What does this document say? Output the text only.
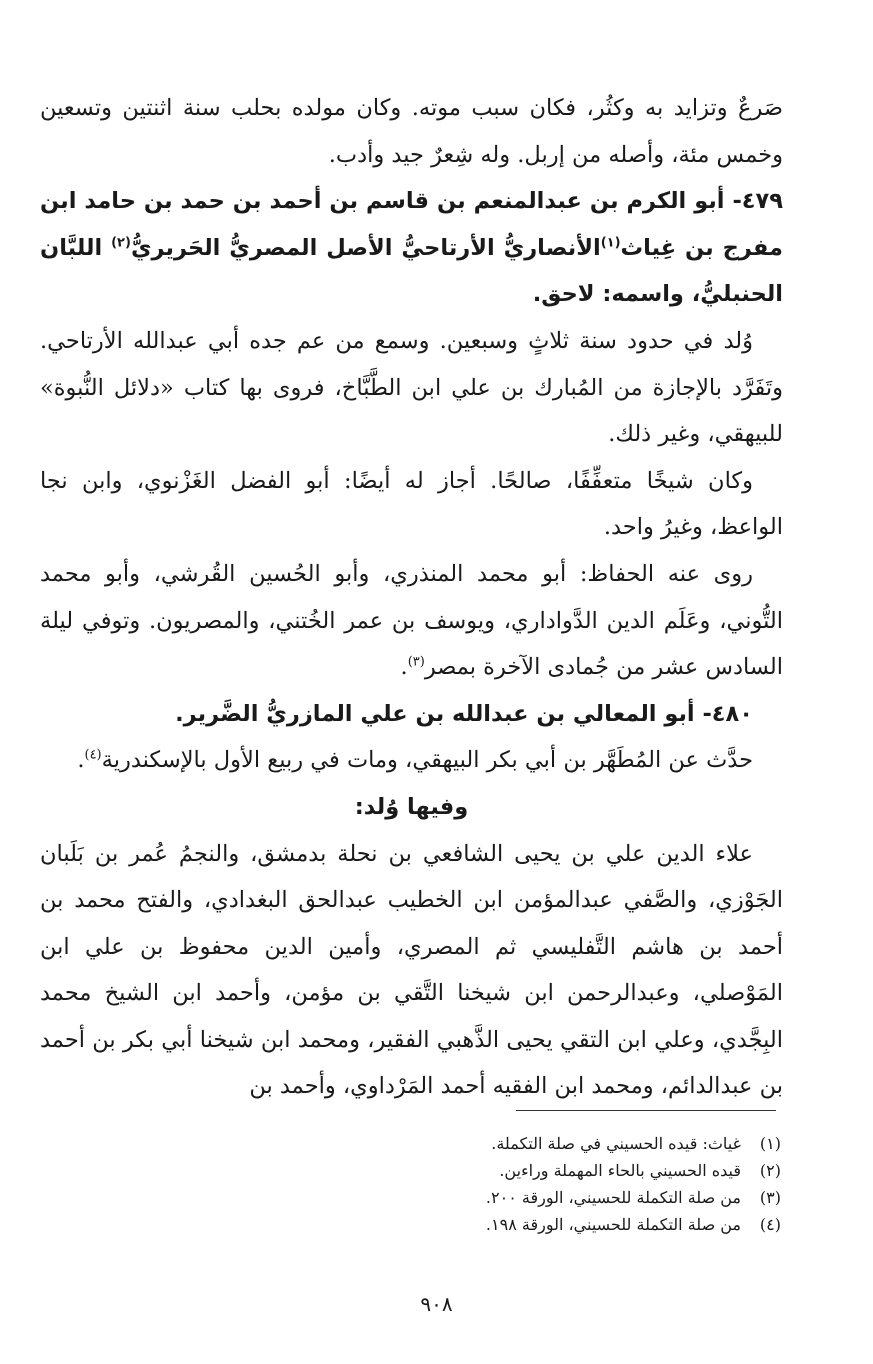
صَرعٌ وتزايد به وكثُر، فكان سبب موته. وكان مولده بحلب سنة اثنتين وتسعين وخمس مئة، وأصله من إربل. وله شِعرٌ جيد وأدب.

٤٧٩- أبو الكرم بن عبدالمنعم بن قاسم بن أحمد بن حمد بن حامد ابن مفرج بن غِياث$^{(١)}$الأنصاريُّ الأرتاحيُّ الأصل المصريُّ الحَريريُّ$^{(٢)}$ اللبَّان الحنبليُّ، واسمه: لاحق.

وُلد في حدود سنة ثلاثٍ وسبعين. وسمع من عم جده أبي عبدالله الأرتاحي. وتَفَرَّد بالإجازة من المُبارك بن علي ابن الطَّبَّاخ، فروى بها كتاب «دلائل النُّبوة» للبيهقي، وغير ذلك.

وكان شيخًا متعفِّفًا، صالحًا. أجاز له أيضًا: أبو الفضل الغَزْنوي، وابن نجا الواعظ، وغيرُ واحد.

روى عنه الحفاظ: أبو محمد المنذري، وأبو الحُسين القُرشي، وأبو محمد التُّوني، وعَلَم الدين الدَّواداري، ويوسف بن عمر الخُتني، والمصريون. وتوفي ليلة السادس عشر من جُمادى الآخرة بمصر$^{(٣)}$.

٤٨٠- أبو المعالي بن عبدالله بن علي المازريُّ الضَّرير.

حدَّث عن المُطَهَّر بن أبي بكر البيهقي، ومات في ربيع الأول بالإسكندرية$^{(٤)}$.

وفيها وُلد:

علاء الدين علي بن يحيى الشافعي بن نحلة بدمشق، والنجمُ عُمر بن بَلَبان الجَوْزي، والصَّفي عبدالمؤمن ابن الخطيب عبدالحق البغدادي، والفتح محمد بن أحمد بن هاشم التَّفليسي ثم المصري، وأمين الدين محفوظ بن علي ابن المَوْصلي، وعبدالرحمن ابن شيخنا التَّقي بن مؤمن، وأحمد ابن الشيخ محمد البِجَّدي، وعلي ابن التقي يحيى الذَّهبي الفقير، ومحمد ابن شيخنا أبي بكر بن أحمد بن عبدالدائم، ومحمد ابن الفقيه أحمد المَرْداوي، وأحمد بن

(١)غياث: قيده الحسيني في صلة التكملة.

(٢)قيده الحسيني بالحاء المهملة وراءين.

(٣)من صلة التكملة للحسيني، الورقة ٢٠٠.

(٤)من صلة التكملة للحسيني، الورقة ١٩٨.

٩٠٨
